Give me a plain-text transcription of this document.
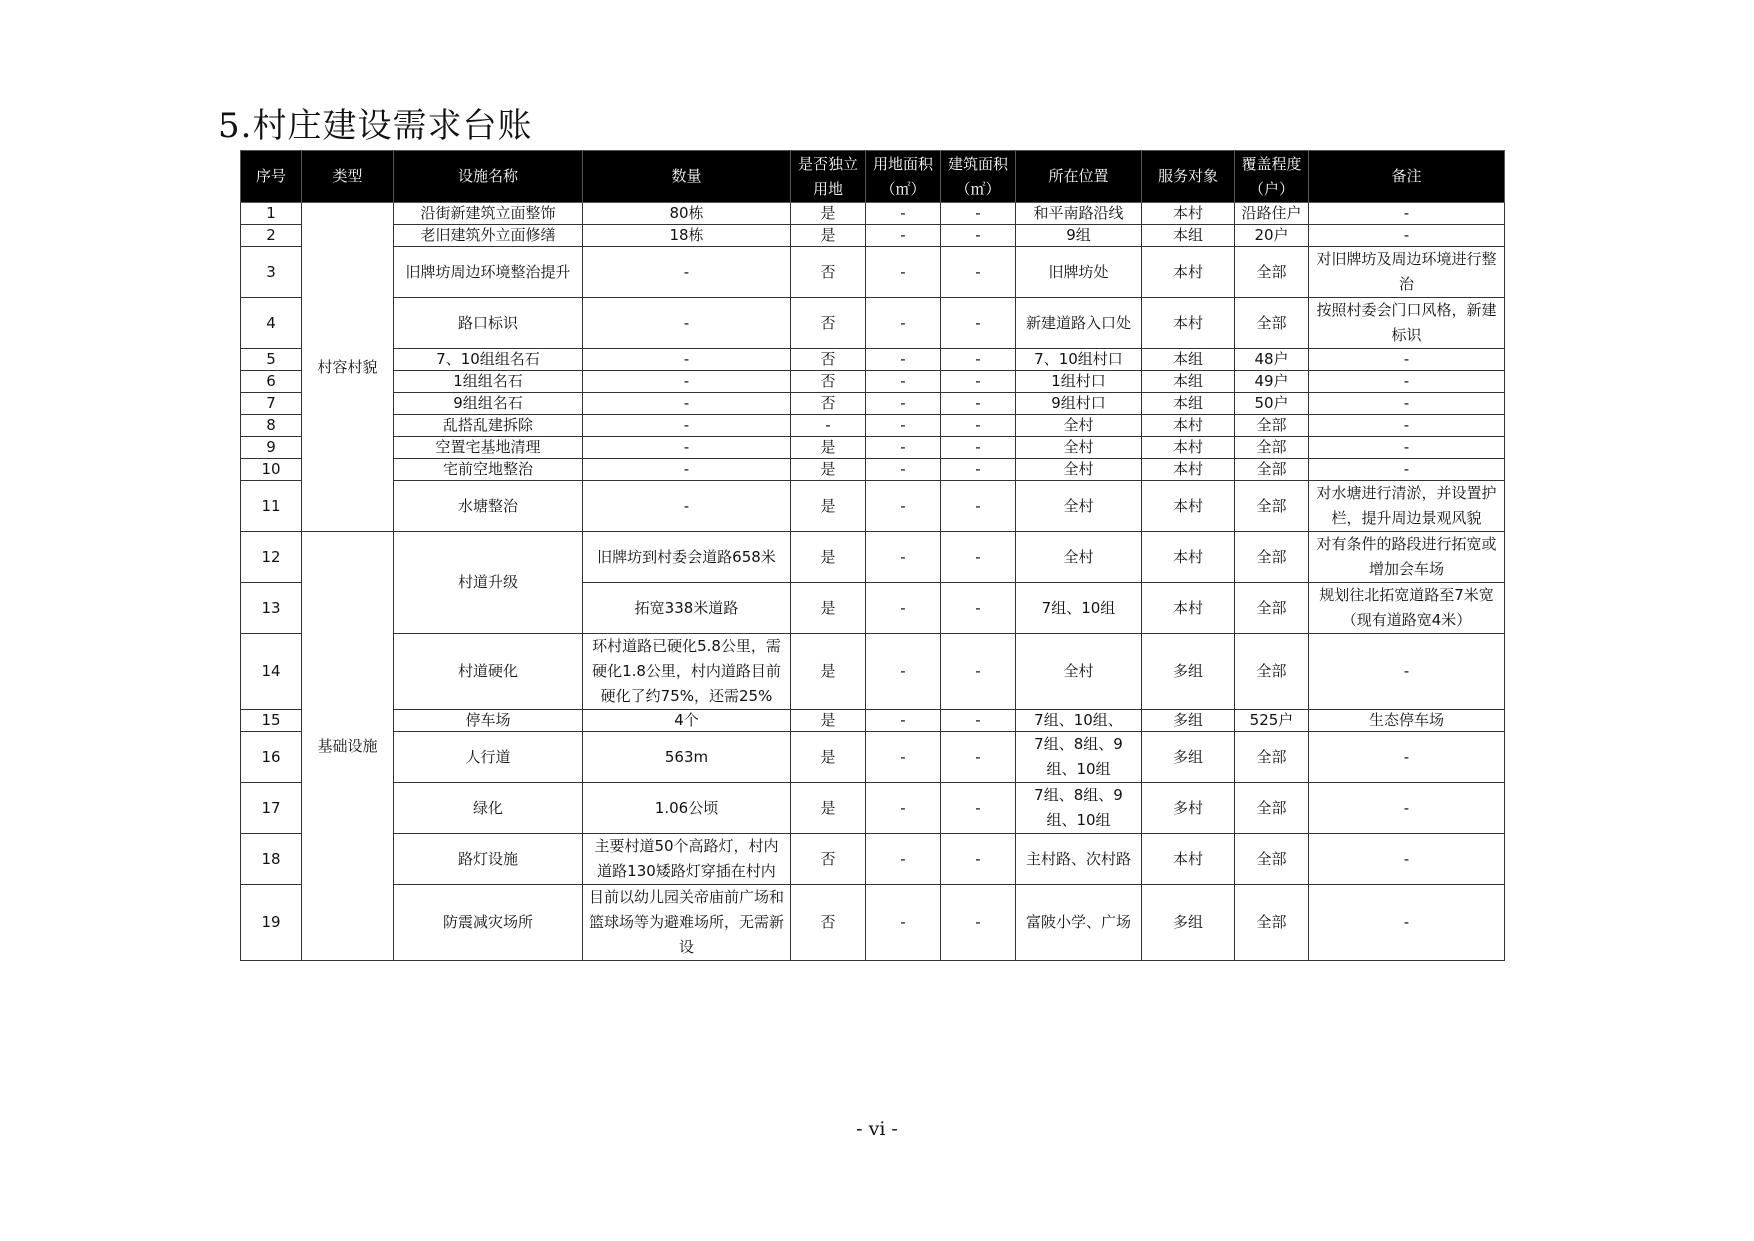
5.村庄建设需求台账
序号	类型	设施名称	数量	是否独立用地	用地面积（㎡）	建筑面积（㎡）	所在位置	服务对象	覆盖程度（户）	备注
1	村容村貌	沿街新建筑立面整饰	80栋	是	-	-	和平南路沿线	本村	沿路住户	-
2		老旧建筑外立面修缮	18栋	是	-	-	9组	本组	20户	-
3		旧牌坊周边环境整治提升	-	否	-	-	旧牌坊处	本村	全部	对旧牌坊及周边环境进行整治
4		路口标识	-	否	-	-	新建道路入口处	本村	全部	按照村委会门口风格，新建标识
5		7、10组组名石	-	否	-	-	7、10组村口	本组	48户	-
6		1组组名石	-	否	-	-	1组村口	本组	49户	-
7		9组组名石	-	否	-	-	9组村口	本组	50户	-
8		乱搭乱建拆除	-	-	-	-	全村	本村	全部	-
9		空置宅基地清理	-	是	-	-	全村	本村	全部	-
10		宅前空地整治	-	是	-	-	全村	本村	全部	-
11		水塘整治	-	是	-	-	全村	本村	全部	对水塘进行清淤，并设置护栏，提升周边景观风貌
12	基础设施	村道升级	旧牌坊到村委会道路658米	是	-	-	全村	本村	全部	对有条件的路段进行拓宽或增加会车场
13			拓宽338米道路	是	-	-	7组、10组	本村	全部	规划往北拓宽道路至7米宽（现有道路宽4米）
14		村道硬化	环村道路已硬化5.8公里，需硬化1.8公里，村内道路目前硬化了约75%，还需25%	是	-	-	全村	多组	全部	-
15		停车场	4个	是	-	-	7组、10组、	多组	525户	生态停车场
16		人行道	563m	是	-	-	7组、8组、9组、10组	多组	全部	-
17		绿化	1.06公顷	是	-	-	7组、8组、9组、10组	多村	全部	-
18		路灯设施	主要村道50个高路灯，村内道路130矮路灯穿插在村内	否	-	-	主村路、次村路	本村	全部	-
19		防震减灾场所	目前以幼儿园关帝庙前广场和篮球场等为避难场所，无需新设	否	-	-	富陂小学、广场	多组	全部	-
- vi -
